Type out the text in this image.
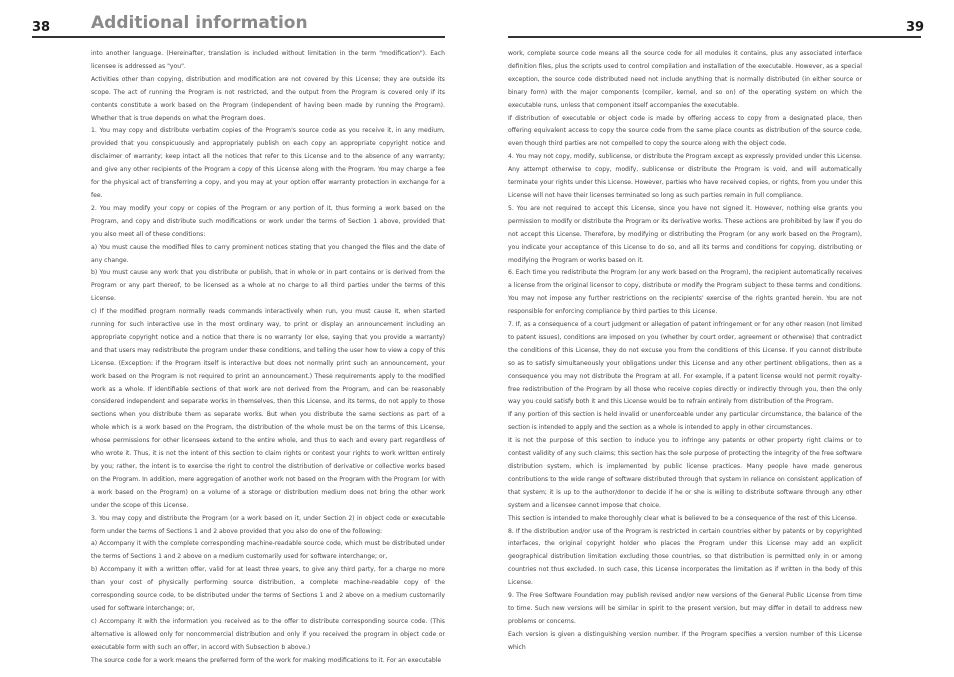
38 Additional information	39

into another language. (Hereinafter, translation is included without limitation in the term "modification"). Each licensee is addressed as "you".

Activities other than copying, distribution and modification are not covered by this License; they are outside its scope. The act of running the Program is not restricted, and the output from the Program is covered only if its contents constitute a work based on the Program (independent of having been made by running the Program). Whether that is true depends on what the Program does.

1. You may copy and distribute verbatim copies of the Program's source code as you receive it, in any medium, provided that you conspicuously and appropriately publish on each copy an appropriate copyright notice and disclaimer of warranty; keep intact all the notices that refer to this License and to the absence of any warranty; and give any other recipients of the Program a copy of this License along with the Program. You may charge a fee for the physical act of transferring a copy, and you may at your option offer warranty protection in exchange for a fee.

2. You may modify your copy or copies of the Program or any portion of it, thus forming a work based on the Program, and copy and distribute such modifications or work under the terms of Section 1 above, provided that you also meet all of these conditions:

a) You must cause the modified files to carry prominent notices stating that you changed the files and the date of any change.

b) You must cause any work that you distribute or publish, that in whole or in part contains or is derived from the Program or any part thereof, to be licensed as a whole at no charge to all third parties under the terms of this License.

c) If the modified program normally reads commands interactively when run, you must cause it, when started running for such interactive use in the most ordinary way, to print or display an announcement including an appropriate copyright notice and a notice that there is no warranty (or else, saying that you provide a warranty) and that users may redistribute the program under these conditions, and telling the user how to view a copy of this License. (Exception: if the Program itself is interactive but does not normally print such an announcement, your work based on the Program is not required to print an announcement.) These requirements apply to the modified work as a whole. If identifiable sections of that work are not derived from the Program, and can be reasonably considered independent and separate works in themselves, then this License, and its terms, do not apply to those sections when you distribute them as separate works. But when you distribute the same sections as part of a whole which is a work based on the Program, the distribution of the whole must be on the terms of this License, whose permissions for other licensees extend to the entire whole, and thus to each and every part regardless of who wrote it. Thus, it is not the intent of this section to claim rights or contest your rights to work written entirely by you; rather, the intent is to exercise the right to control the distribution of derivative or collective works based on the Program. In addition, mere aggregation of another work not based on the Program with the Program (or with a work based on the Program) on a volume of a storage or distribution medium does not bring the other work under the scope of this License.

3. You may copy and distribute the Program (or a work based on it, under Section 2) in object code or executable form under the terms of Sections 1 and 2 above provided that you also do one of the following:

a) Accompany it with the complete corresponding machine-readable source code, which must be distributed under the terms of Sections 1 and 2 above on a medium customarily used for software interchange; or,

b) Accompany it with a written offer, valid for at least three years, to give any third party, for a charge no more than your cost of physically performing source distribution, a complete machine-readable copy of the corresponding source code, to be distributed under the terms of Sections 1 and 2 above on a medium customarily used for software interchange; or,

c) Accompany it with the information you received as to the offer to distribute corresponding source code. (This alternative is allowed only for noncommercial distribution and only if you received the program in object code or executable form with such an offer, in accord with Subsection b above.)

The source code for a work means the preferred form of the work for making modifications to it. For an executable

work, complete source code means all the source code for all modules it contains, plus any associated interface definition files, plus the scripts used to control compilation and installation of the executable. However, as a special exception, the source code distributed need not include anything that is normally distributed (in either source or binary form) with the major components (compiler, kernel, and so on) of the operating system on which the executable runs, unless that component itself accompanies the executable.

If distribution of executable or object code is made by offering access to copy from a designated place, then offering equivalent access to copy the source code from the same place counts as distribution of the source code, even though third parties are not compelled to copy the source along with the object code.

4. You may not copy, modify, sublicense, or distribute the Program except as expressly provided under this License. Any attempt otherwise to copy, modify, sublicense or distribute the Program is void, and will automatically terminate your rights under this License. However, parties who have received copies, or rights, from you under this License will not have their licenses terminated so long as such parties remain in full compliance.

5. You are not required to accept this License, since you have not signed it. However, nothing else grants you permission to modify or distribute the Program or its derivative works. These actions are prohibited by law if you do not accept this License. Therefore, by modifying or distributing the Program (or any work based on the Program), you indicate your acceptance of this License to do so, and all its terms and conditions for copying, distributing or modifying the Program or works based on it.

6. Each time you redistribute the Program (or any work based on the Program), the recipient automatically receives a license from the original licensor to copy, distribute or modify the Program subject to these terms and conditions. You may not impose any further restrictions on the recipients' exercise of the rights granted herein. You are not responsible for enforcing compliance by third parties to this License.

7. If, as a consequence of a court judgment or allegation of patent infringement or for any other reason (not limited to patent issues), conditions are imposed on you (whether by court order, agreement or otherwise) that contradict the conditions of this License, they do not excuse you from the conditions of this License. If you cannot distribute so as to satisfy simultaneously your obligations under this License and any other pertinent obligations, then as a consequence you may not distribute the Program at all. For example, if a patent license would not permit royalty-free redistribution of the Program by all those who receive copies directly or indirectly through you, then the only way you could satisfy both it and this License would be to refrain entirely from distribution of the Program.

If any portion of this section is held invalid or unenforceable under any particular circumstance, the balance of the section is intended to apply and the section as a whole is intended to apply in other circumstances.

It is not the purpose of this section to induce you to infringe any patents or other property right claims or to contest validity of any such claims; this section has the sole purpose of protecting the integrity of the free software distribution system, which is implemented by public license practices. Many people have made generous contributions to the wide range of software distributed through that system in reliance on consistent application of that system; it is up to the author/donor to decide if he or she is willing to distribute software through any other system and a licensee cannot impose that choice.

This section is intended to make thoroughly clear what is believed to be a consequence of the rest of this License.

8. If the distribution and/or use of the Program is restricted in certain countries either by patents or by copyrighted interfaces, the original copyright holder who places the Program under this License may add an explicit geographical distribution limitation excluding those countries, so that distribution is permitted only in or among countries not thus excluded. In such case, this License incorporates the limitation as if written in the body of this License.

9. The Free Software Foundation may publish revised and/or new versions of the General Public License from time to time. Such new versions will be similar in spirit to the present version, but may differ in detail to address new problems or concerns.

Each version is given a distinguishing version number. If the Program specifies a version number of this License which
